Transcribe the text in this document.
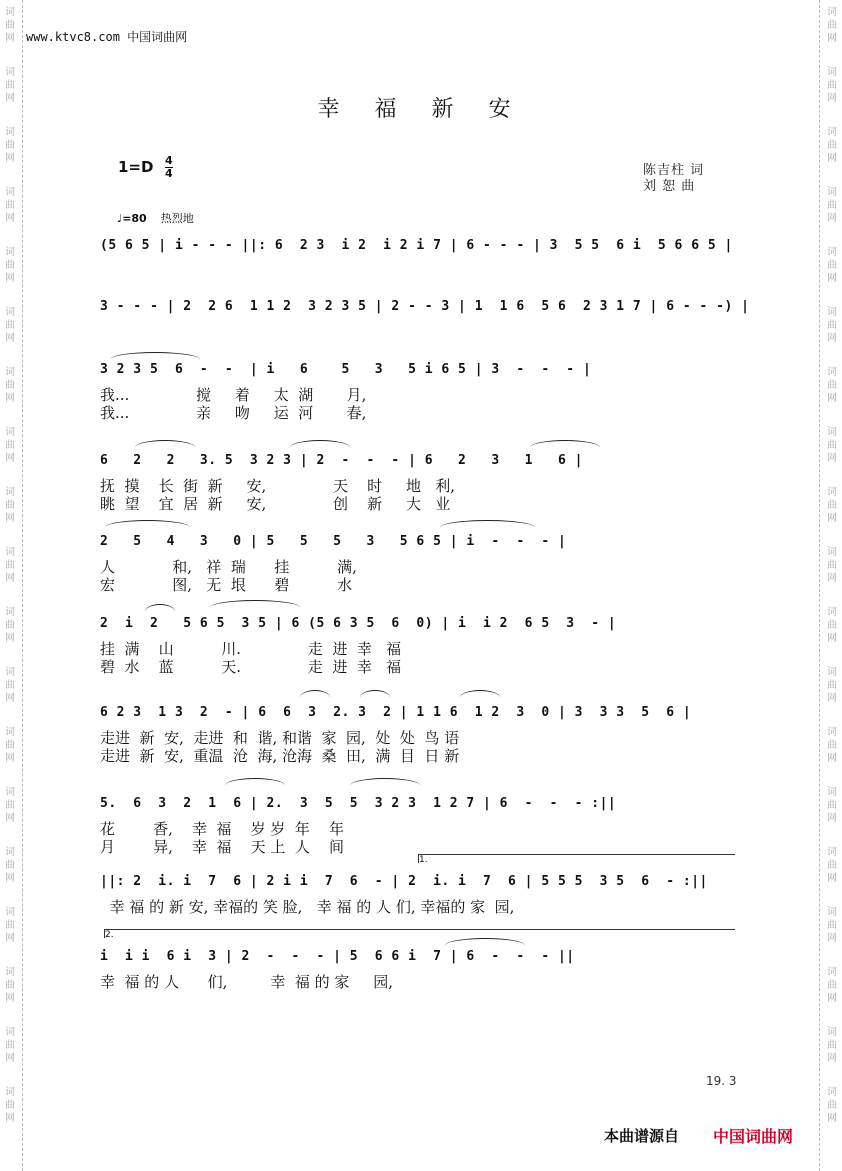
词
曲
网
词
曲
网
词
曲
网
词
曲
网
词
曲
网
词
曲
网
词
曲
网
词
曲
网
词
曲
网
词
曲
网
词
曲
网
词
曲
网
词
曲
网
词
曲
网
词
曲
网
词
曲
网
词
曲
网
词
曲
网
词
曲
网
词
曲
网
词
曲
网
词
曲
网
词
曲
网
词
曲
网
词
曲
网
词
曲
网
词
曲
网
词
曲
网
词
曲
网
词
曲
网
词
曲
网
词
曲
网
词
曲
网
词
曲
网
词
曲
网
词
曲
网
词
曲
网
词
曲
网
www.ktvc8.com 中国词曲网
幸 福 新 安
1=D 4
4	陈吉柱 词
刘 恕 曲
♩=80 热烈地
(5 6 5 | i - - - ||: 6  2 3  i 2  i 2 i 7 | 6 - - - | 3  5 5  6 i  5 6 6 5 |
3 - - - | 2  2 6  1 1 2  3 2 3 5 | 2 - - 3 | 1  1 6  5 6  2 3 1 7 | 6 - - -) |
3 2 3 5  6  -  -  | i   6    5   3   5 i 6 5 | 3  -  -  - |
我...              搅     着     太  湖       月,
我...              亲     吻     运  河       春,
6   2   2   3. 5  3 2 3 | 2  -  -  - | 6   2   3   1   6 |
抚  摸    长  街  新     安,              天    时     地   利,
眺  望    宜  居  新     安,              创    新     大   业
2   5   4   3   0 | 5   5   5   3   5 6 5 | i  -  -  - |
人            和,   祥  瑞      挂          满,
宏            图,   无  垠      碧          水
2  i  2   5 6 5  3 5 | 6 (5 6 3 5  6  0) | i  i 2  6 5  3  - |
挂  满    山          川.              走  进  幸   福
碧  水    蓝          天.              走  进  幸   福
6 2 3  1 3  2  - | 6  6  3  2. 3  2 | 1 1 6  1 2  3  0 | 3  3 3  5  6 |
走进  新  安,  走进  和  谐, 和谐  家  园,  处  处  鸟 语
走进  新  安,  重温  沧  海, 沧海  桑  田,  满  目  日 新
5.  6  3  2  1  6 | 2.  3  5  5  3 2 3  1 2 7 | 6  -  -  - :||
花        香,    幸  福    岁 岁  年    年
月        异,    幸  福    天 上  人    间
1.
||: 2  i. i  7  6 | 2 i i  7  6  - | 2  i. i  7  6 | 5 5 5  3 5  6  - :||
幸 福 的 新 安, 幸福的 笑 脸,   幸 福 的 人 们, 幸福的 家  园,
2.
i  i i  6 i  3 | 2  -  -  - | 5  6 6 i  7 | 6  -  -  - ||
幸  福 的 人      们,         幸  福 的 家     园,
19. 3
本曲谱源自 中国词曲网
